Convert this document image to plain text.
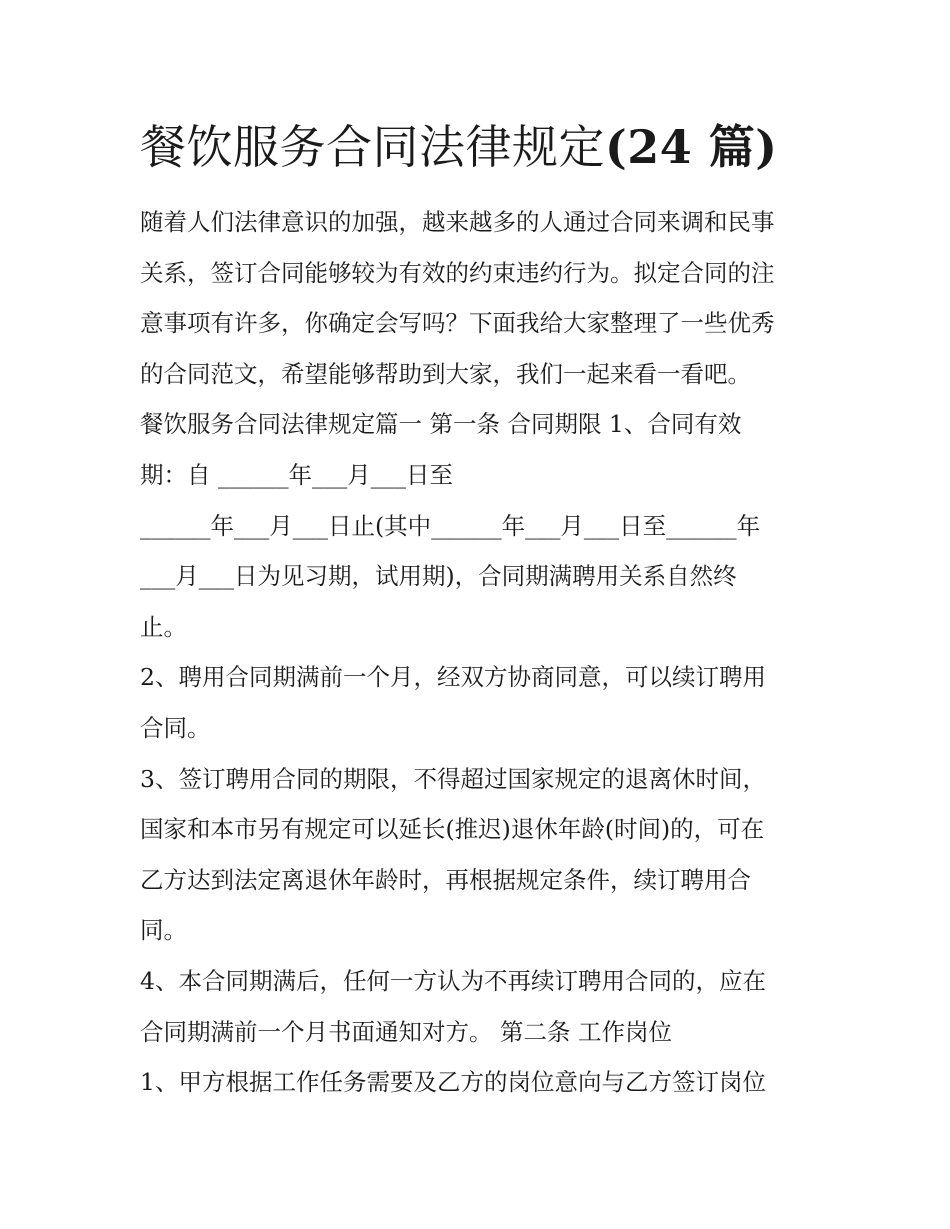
餐饮服务合同法律规定(24 篇)

随着人们法律意识的加强，越来越多的人通过合同来调和民事

关系，签订合同能够较为有效的约束违约行为。拟定合同的注

意事项有许多，你确定会写吗？下面我给大家整理了一些优秀

的合同范文，希望能够帮助到大家，我们一起来看一看吧。

餐饮服务合同法律规定篇一 第一条 合同期限 1、合同有效

期：自 ______年___月___日至

______年___月___日止(其中______年___月___日至______年

___月___日为见习期，试用期)，合同期满聘用关系自然终

止。

2、聘用合同期满前一个月，经双方协商同意，可以续订聘用

合同。

3、签订聘用合同的期限，不得超过国家规定的退离休时间，

国家和本市另有规定可以延长(推迟)退休年龄(时间)的，可在

乙方达到法定离退休年龄时，再根据规定条件，续订聘用合

同。

4、本合同期满后，任何一方认为不再续订聘用合同的，应在

合同期满前一个月书面通知对方。 第二条 工作岗位

1、甲方根据工作任务需要及乙方的岗位意向与乙方签订岗位
